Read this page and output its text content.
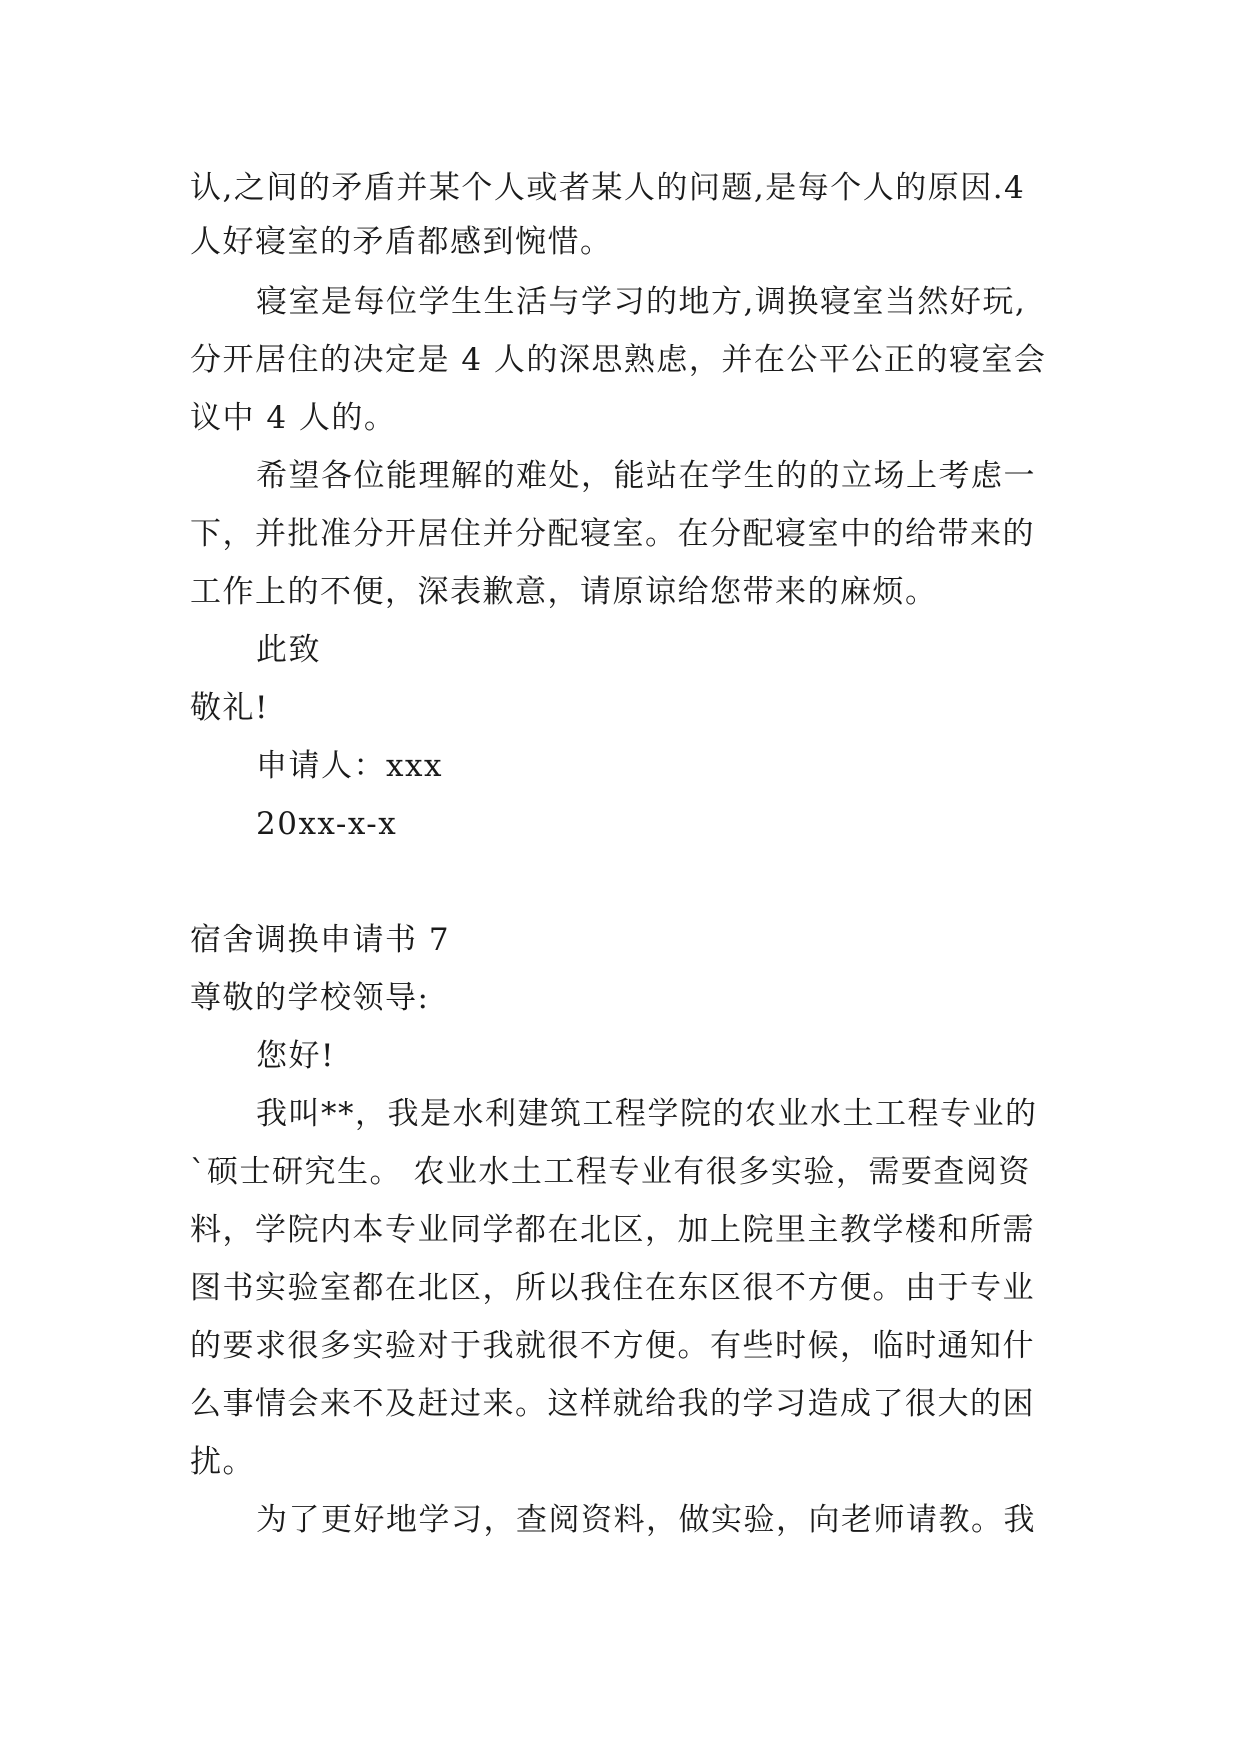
认,之间的矛盾并某个人或者某人的问题,是每个人的原因.4
人好寝室的矛盾都感到惋惜。
寝室是每位学生生活与学习的地方,调换寝室当然好玩,
分开居住的决定是 4 人的深思熟虑，并在公平公正的寝室会
议中 4 人的。
希望各位能理解的难处，能站在学生的的立场上考虑一
下，并批准分开居住并分配寝室。在分配寝室中的给带来的
工作上的不便，深表歉意，请原谅给您带来的麻烦。
此致
敬礼!
申请人：xxx
20xx-x-x
宿舍调换申请书 7
尊敬的学校领导:
您好!
我叫**，我是水利建筑工程学院的农业水土工程专业的
`硕士研究生。 农业水土工程专业有很多实验，需要查阅资
料，学院内本专业同学都在北区，加上院里主教学楼和所需
图书实验室都在北区，所以我住在东区很不方便。由于专业
的要求很多实验对于我就很不方便。有些时候，临时通知什
么事情会来不及赶过来。这样就给我的学习造成了很大的困
扰。
为了更好地学习，查阅资料，做实验，向老师请教。我
